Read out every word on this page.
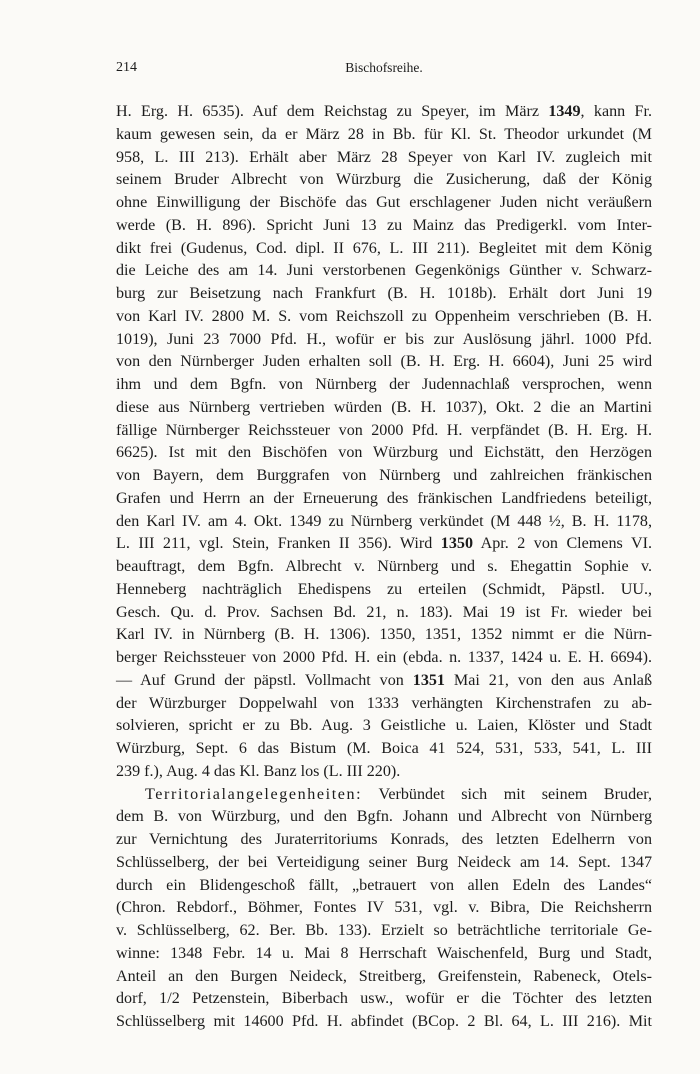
214	Bischofsreihe.
H. Erg. H. 6535). Auf dem Reichstag zu Speyer, im März 1349, kann Fr.
kaum gewesen sein, da er März 28 in Bb. für Kl. St. Theodor urkundet (M
958, L. III 213). Erhält aber März 28 Speyer von Karl IV. zugleich mit
seinem Bruder Albrecht von Würzburg die Zusicherung, daß der König
ohne Einwilligung der Bischöfe das Gut erschlagener Juden nicht veräußern
werde (B. H. 896). Spricht Juni 13 zu Mainz das Predigerkl. vom Inter-
dikt frei (Gudenus, Cod. dipl. II 676, L. III 211). Begleitet mit dem König
die Leiche des am 14. Juni verstorbenen Gegenkönigs Günther v. Schwarz-
burg zur Beisetzung nach Frankfurt (B. H. 1018b). Erhält dort Juni 19
von Karl IV. 2800 M. S. vom Reichszoll zu Oppenheim verschrieben (B. H.
1019), Juni 23 7000 Pfd. H., wofür er bis zur Auslösung jährl. 1000 Pfd.
von den Nürnberger Juden erhalten soll (B. H. Erg. H. 6604), Juni 25 wird
ihm und dem Bgfn. von Nürnberg der Judennachlaß versprochen, wenn
diese aus Nürnberg vertrieben würden (B. H. 1037), Okt. 2 die an Martini
fällige Nürnberger Reichssteuer von 2000 Pfd. H. verpfändet (B. H. Erg. H.
6625). Ist mit den Bischöfen von Würzburg und Eichstätt, den Herzögen
von Bayern, dem Burggrafen von Nürnberg und zahlreichen fränkischen
Grafen und Herrn an der Erneuerung des fränkischen Landfriedens beteiligt,
den Karl IV. am 4. Okt. 1349 zu Nürnberg verkündet (M 448 ½, B. H. 1178,
L. III 211, vgl. Stein, Franken II 356). Wird 1350 Apr. 2 von Clemens VI.
beauftragt, dem Bgfn. Albrecht v. Nürnberg und s. Ehegattin Sophie v.
Henneberg nachträglich Ehedispens zu erteilen (Schmidt, Päpstl. UU.,
Gesch. Qu. d. Prov. Sachsen Bd. 21, n. 183). Mai 19 ist Fr. wieder bei
Karl IV. in Nürnberg (B. H. 1306). 1350, 1351, 1352 nimmt er die Nürn-
berger Reichssteuer von 2000 Pfd. H. ein (ebda. n. 1337, 1424 u. E. H. 6694).
— Auf Grund der päpstl. Vollmacht von 1351 Mai 21, von den aus Anlaß
der Würzburger Doppelwahl von 1333 verhängten Kirchenstrafen zu ab-
solvieren, spricht er zu Bb. Aug. 3 Geistliche u. Laien, Klöster und Stadt
Würzburg, Sept. 6 das Bistum (M. Boica 41 524, 531, 533, 541, L. III
239 f.), Aug. 4 das Kl. Banz los (L. III 220).
Territorialangelegenheiten: Verbündet sich mit seinem Bruder,
dem B. von Würzburg, und den Bgfn. Johann und Albrecht von Nürnberg
zur Vernichtung des Juraterritoriums Konrads, des letzten Edelherrn von
Schlüsselberg, der bei Verteidigung seiner Burg Neideck am 14. Sept. 1347
durch ein Blidengeschoß fällt, „betrauert von allen Edeln des Landes“
(Chron. Rebdorf., Böhmer, Fontes IV 531, vgl. v. Bibra, Die Reichsherrn
v. Schlüsselberg, 62. Ber. Bb. 133). Erzielt so beträchtliche territoriale Ge-
winne: 1348 Febr. 14 u. Mai 8 Herrschaft Waischenfeld, Burg und Stadt,
Anteil an den Burgen Neideck, Streitberg, Greifenstein, Rabeneck, Otels-
dorf, 1/2 Petzenstein, Biberbach usw., wofür er die Töchter des letzten
Schlüsselberg mit 14600 Pfd. H. abfindet (BCop. 2 Bl. 64, L. III 216). Mit
